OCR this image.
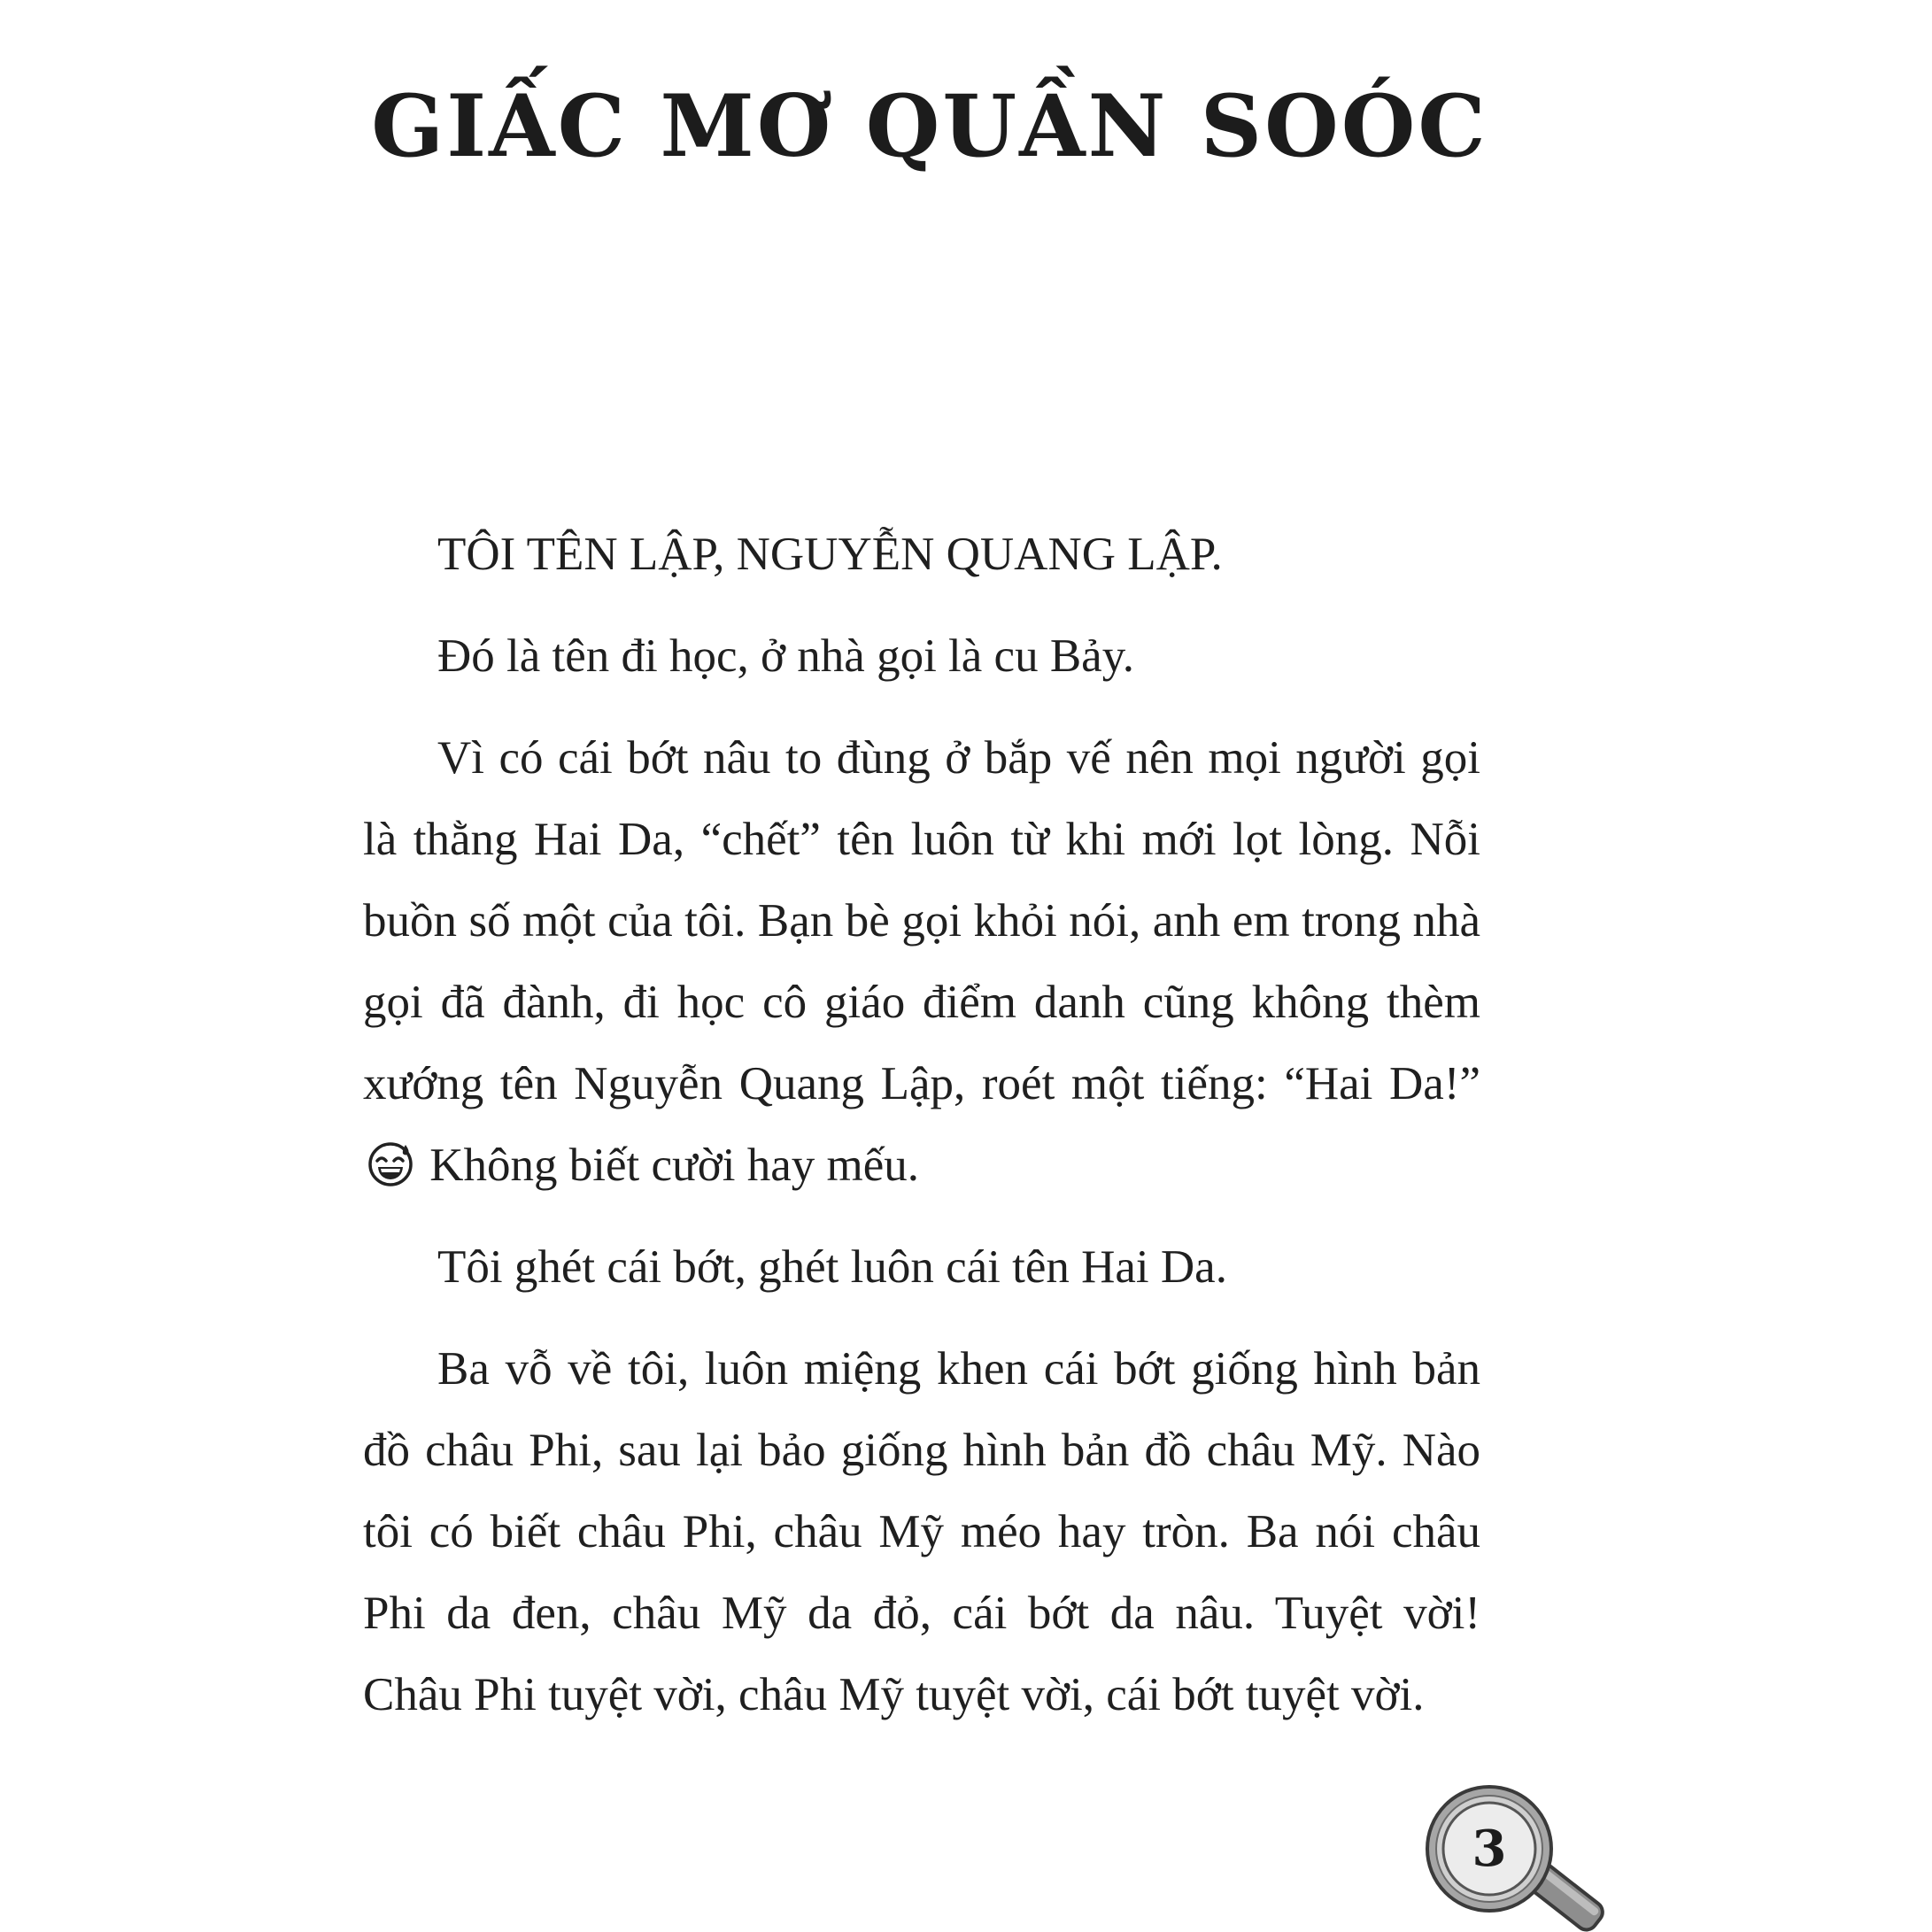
GIẤC MƠ QUẦN SOÓC

TÔI TÊN LẬP, NGUYỄN QUANG LẬP.

Đó là tên đi học, ở nhà gọi là cu Bảy.

Vì có cái bớt nâu to đùng ở bắp vế nên mọi người gọi là thằng Hai Da, “chết” tên luôn từ khi mới lọt lòng. Nỗi buồn số một của tôi. Bạn bè gọi khỏi nói, anh em trong nhà gọi đã đành, đi học cô giáo điểm danh cũng không thèm xướng tên Nguyễn Quang Lập, roét một tiếng: “Hai Da!”  Không biết cười hay mếu.

Tôi ghét cái bớt, ghét luôn cái tên Hai Da.

Ba vỗ về tôi, luôn miệng khen cái bớt giống hình bản đồ châu Phi, sau lại bảo giống hình bản đồ châu Mỹ. Nào tôi có biết châu Phi, châu Mỹ méo hay tròn. Ba nói châu Phi da đen, châu Mỹ da đỏ, cái bớt da nâu. Tuyệt vời! Châu Phi tuyệt vời, châu Mỹ tuyệt vời, cái bớt tuyệt vời.

3
